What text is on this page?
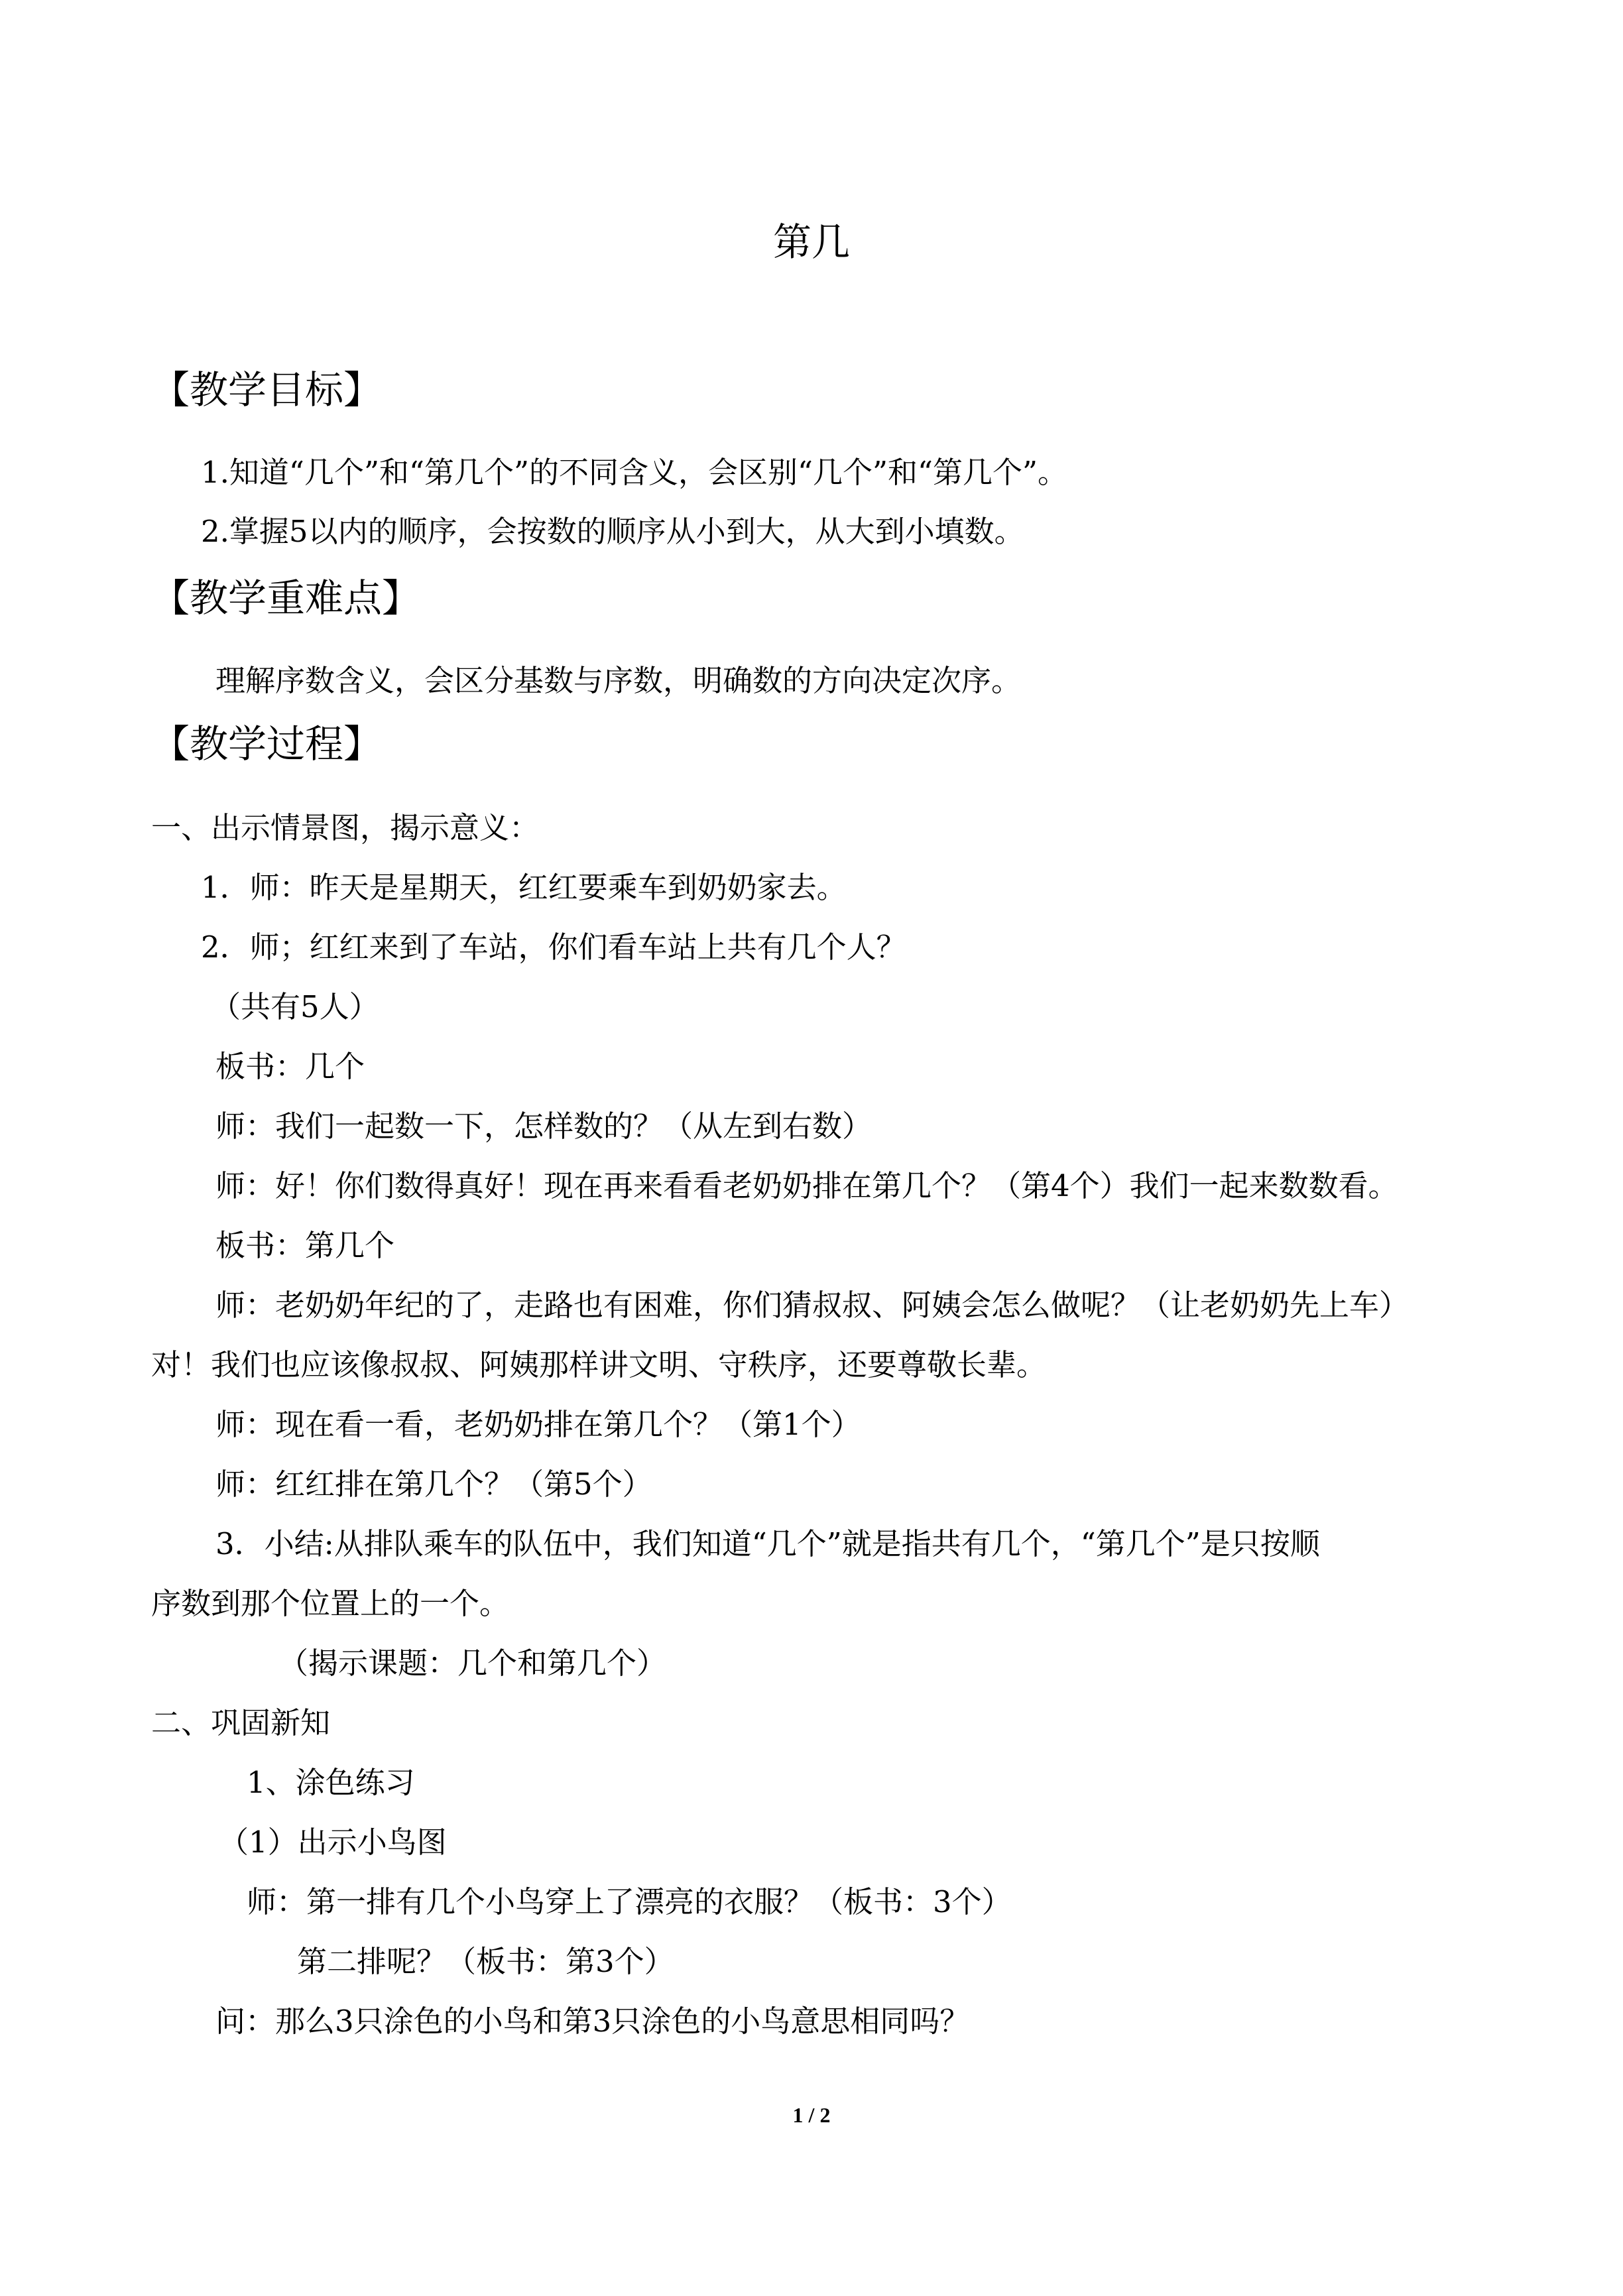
第几
【教学目标】
1.知道“几个”和“第几个”的不同含义，会区别“几个”和“第几个”。
2.掌握5以内的顺序，会按数的顺序从小到大，从大到小填数。
【教学重难点】
理解序数含义，会区分基数与序数，明确数的方向决定次序。
【教学过程】
一、出示情景图，揭示意义：
1．师：昨天是星期天，红红要乘车到奶奶家去。
2．师；红红来到了车站，你们看车站上共有几个人？
（共有5人）
板书：几个
师：我们一起数一下，怎样数的？（从左到右数）
师：好！你们数得真好！现在再来看看老奶奶排在第几个？（第4个）我们一起来数数看。
板书：第几个
师：老奶奶年纪的了，走路也有困难，你们猜叔叔、阿姨会怎么做呢？（让老奶奶先上车）
对！我们也应该像叔叔、阿姨那样讲文明、守秩序，还要尊敬长辈。
师：现在看一看，老奶奶排在第几个？（第1个）
师：红红排在第几个？（第5个）
3．小结:从排队乘车的队伍中，我们知道“几个”就是指共有几个，“第几个”是只按顺
序数到那个位置上的一个。
（揭示课题：几个和第几个）
二、巩固新知
1、涂色练习
（1）出示小鸟图
师：第一排有几个小鸟穿上了漂亮的衣服？（板书：3个）
第二排呢？（板书：第3个）
问：那么3只涂色的小鸟和第3只涂色的小鸟意思相同吗？
1 / 2
